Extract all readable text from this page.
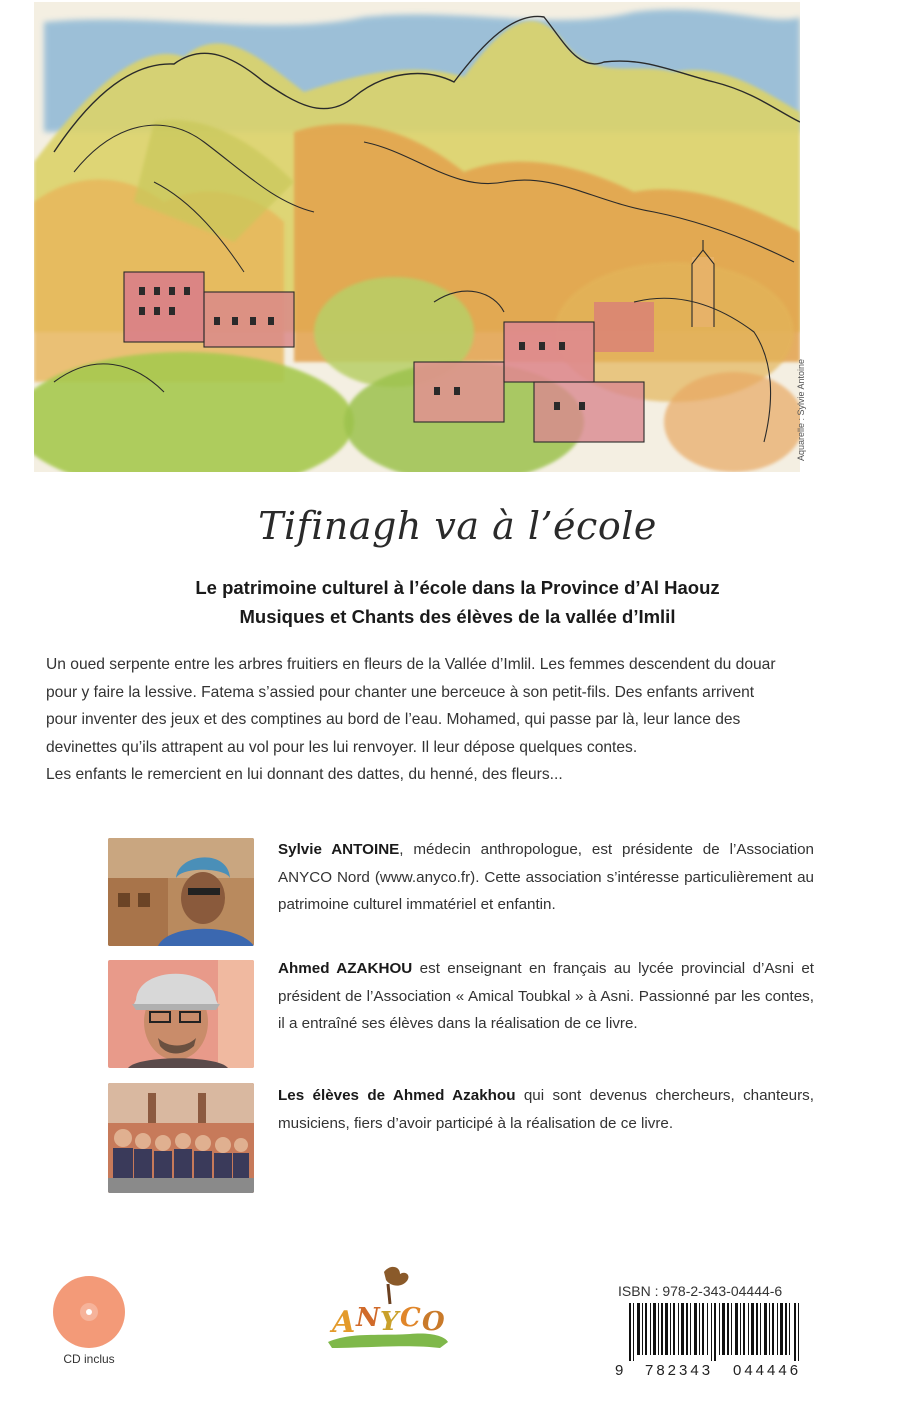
Aquarelle : Sylvie Antoine
Tifinagh va à l’école
Le patrimoine culturel à l’école dans la Province d’Al Haouz
Musiques et Chants des élèves de la vallée d’Imlil
Un oued serpente entre les arbres fruitiers en fleurs de la Vallée d’Imlil. Les femmes descendent du douar
pour y faire la lessive. Fatema s’assied pour chanter une berceuce à son petit-fils. Des enfants arrivent
pour inventer des jeux et des comptines au bord de l’eau. Mohamed, qui passe par là, leur lance des
devinettes qu’ils attrapent au vol pour les lui renvoyer. Il leur dépose quelques contes.
Les enfants le remercient en lui donnant des dattes, du henné, des fleurs...

Sylvie ANTOINE, médecin anthropologue, est présidente de l’Association ANYCO Nord (www.anyco.fr). Cette association s’intéresse particulièrement au patrimoine culturel immatériel et enfantin.

Ahmed AZAKHOU est enseignant en français au lycée provincial d’Asni et président de l’Association « Amical Toubkal » à Asni. Passionné par les contes, il a entraîné ses élèves dans la réalisation de ce livre.

Les élèves de Ahmed Azakhou qui sont devenus chercheurs, chanteurs, musiciens, fiers d’avoir participé à la réalisation de ce livre.

CD inclus
A N Y C O
ISBN : 978-2-343-04444-6
9 782343 044446
